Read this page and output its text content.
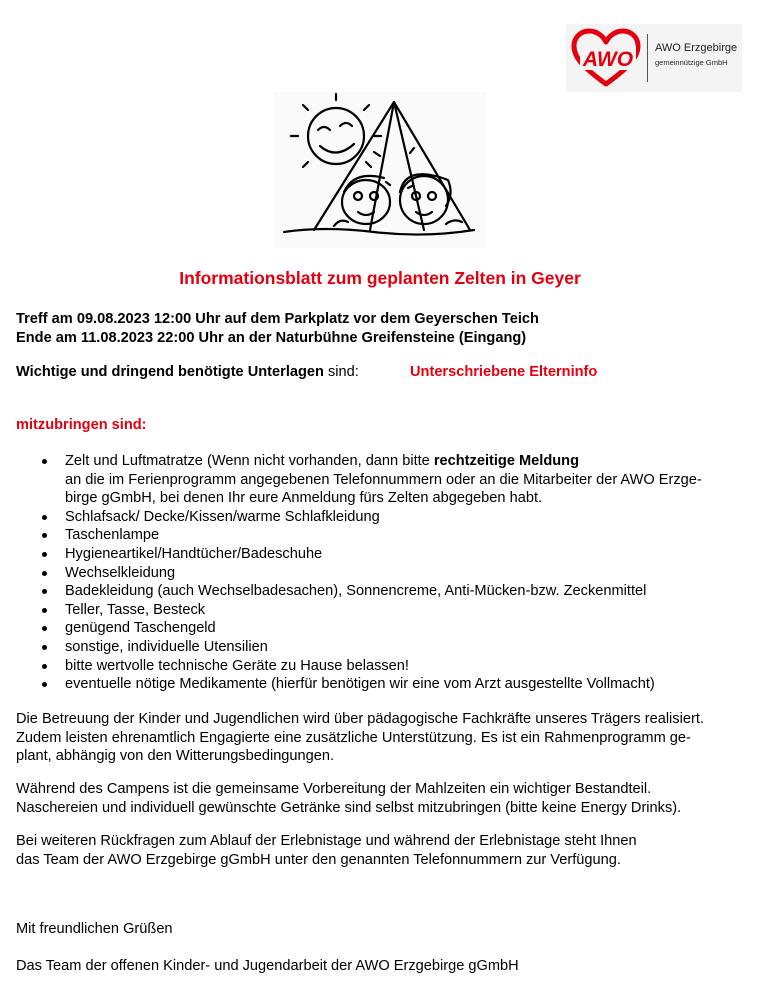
AWO AWO Erzgebirge
gemeinnützige GmbH
Informationsblatt zum geplanten Zelten in Geyer
Treff am 09.08.2023 12:00 Uhr auf dem Parkplatz vor dem Geyerschen Teich
Ende am 11.08.2023 22:00 Uhr an der Naturbühne Greifensteine (Eingang)
Wichtige und dringend benötigte Unterlagen sind:	Unterschriebene Elterninfo
mitzubringen sind:
Zelt und Luftmatratze (Wenn nicht vorhanden, dann bitte rechtzeitige Meldung
an die im Ferienprogramm angegebenen Telefonnummern oder an die Mitarbeiter der AWO Erzge-
birge gGmbH, bei denen Ihr eure Anmeldung fürs Zelten abgegeben habt.
Schlafsack/ Decke/Kissen/warme Schlafkleidung
Taschenlampe
Hygieneartikel/Handtücher/Badeschuhe
Wechselkleidung
Badekleidung (auch Wechselbadesachen), Sonnencreme, Anti-Mücken-bzw. Zeckenmittel
Teller, Tasse, Besteck
genügend Taschengeld
sonstige, individuelle Utensilien
bitte wertvolle technische Geräte zu Hause belassen!
eventuelle nötige Medikamente (hierfür benötigen wir eine vom Arzt ausgestellte Vollmacht)
Die Betreuung der Kinder und Jugendlichen wird über pädagogische Fachkräfte unseres Trägers realisiert.
Zudem leisten ehrenamtlich Engagierte eine zusätzliche Unterstützung. Es ist ein Rahmenprogramm ge-
plant, abhängig von den Witterungsbedingungen.
Während des Campens ist die gemeinsame Vorbereitung der Mahlzeiten ein wichtiger Bestandteil.
Naschereien und individuell gewünschte Getränke sind selbst mitzubringen (bitte keine Energy Drinks).
Bei weiteren Rückfragen zum Ablauf der Erlebnistage und während der Erlebnistage steht Ihnen
das Team der AWO Erzgebirge gGmbH unter den genannten Telefonnummern zur Verfügung.
Mit freundlichen Grüßen
Das Team der offenen Kinder- und Jugendarbeit der AWO Erzgebirge gGmbH
